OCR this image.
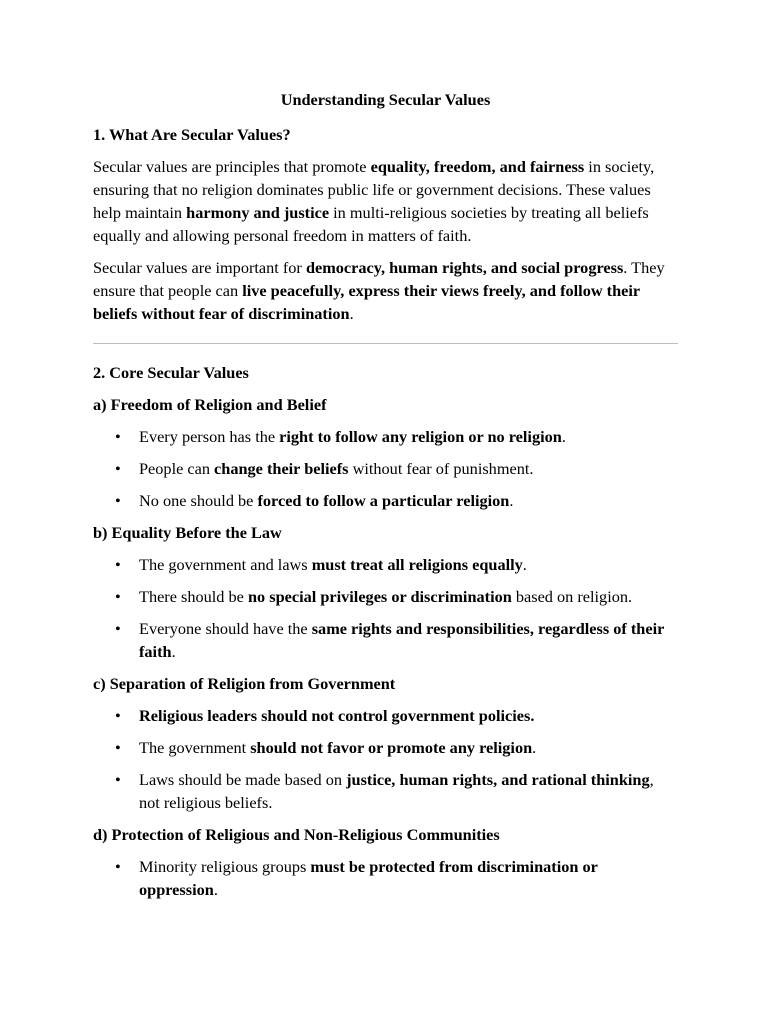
Understanding Secular Values
1. What Are Secular Values?

Secular values are principles that promote equality, freedom, and fairness in society, ensuring that no religion dominates public life or government decisions. These values help maintain harmony and justice in multi-religious societies by treating all beliefs equally and allowing personal freedom in matters of faith.

Secular values are important for democracy, human rights, and social progress. They ensure that people can live peacefully, express their views freely, and follow their beliefs without fear of discrimination.

2. Core Secular Values
a) Freedom of Religion and Belief
• Every person has the right to follow any religion or no religion.
• People can change their beliefs without fear of punishment.
• No one should be forced to follow a particular religion.
b) Equality Before the Law
• The government and laws must treat all religions equally.
• There should be no special privileges or discrimination based on religion.
• Everyone should have the same rights and responsibilities, regardless of their faith.
c) Separation of Religion from Government
• Religious leaders should not control government policies.
• The government should not favor or promote any religion.
• Laws should be made based on justice, human rights, and rational thinking, not religious beliefs.
d) Protection of Religious and Non-Religious Communities
• Minority religious groups must be protected from discrimination or oppression.
